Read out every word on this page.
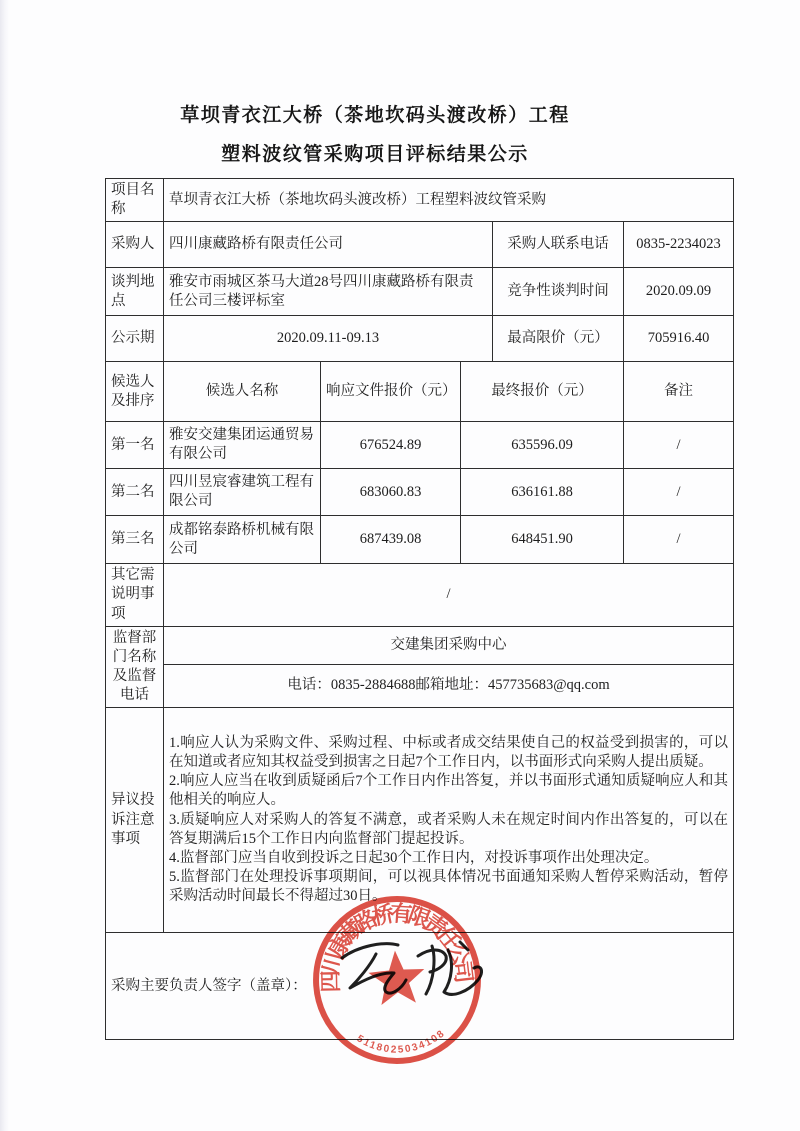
草坝青衣江大桥（茶地坎码头渡改桥）工程
塑料波纹管采购项目评标结果公示
项目名称	草坝青衣江大桥（茶地坎码头渡改桥）工程塑料波纹管采购				
采购人	四川康藏路桥有限责任公司			采购人联系电话	0835-2234023
谈判地点	雅安市雨城区茶马大道28号四川康藏路桥有限责任公司三楼评标室			竞争性谈判时间	2020.09.09
公示期	2020.09.11-09.13			最高限价（元）	705916.40
候选人及排序	候选人名称	响应文件报价（元）	最终报价（元）		备注
第一名	雅安交建集团运通贸易有限公司	676524.89	635596.09		/
第二名	四川昱宸睿建筑工程有限公司	683060.83	636161.88		/
第三名	成都铭泰路桥机械有限公司	687439.08	648451.90		/
其它需说明事项	/				
监督部门名称及监督电话	交建集团采购中心				
	电话：0835-2884688邮箱地址：457735683@qq.com				
异议投诉注意事项	1.响应人认为采购文件、采购过程、中标或者成交结果使自己的权益受到损害的，可以在知道或者应知其权益受到损害之日起7个工作日内，以书面形式向采购人提出质疑。

2.响应人应当在收到质疑函后7个工作日内作出答复，并以书面形式通知质疑响应人和其他相关的响应人。

3.质疑响应人对采购人的答复不满意，或者采购人未在规定时间内作出答复的，可以在答复期满后15个工作日内向监督部门提起投诉。

4.监督部门应当自收到投诉之日起30个工作日内，对投诉事项作出处理决定。

5.监督部门在处理投诉事项期间，可以视具体情况书面通知采购人暂停采购活动，暂停采购活动时间最长不得超过30日。				

采购主要负责人签字（盖章）：					四川康藏路桥有限责任公司
5118025034108
